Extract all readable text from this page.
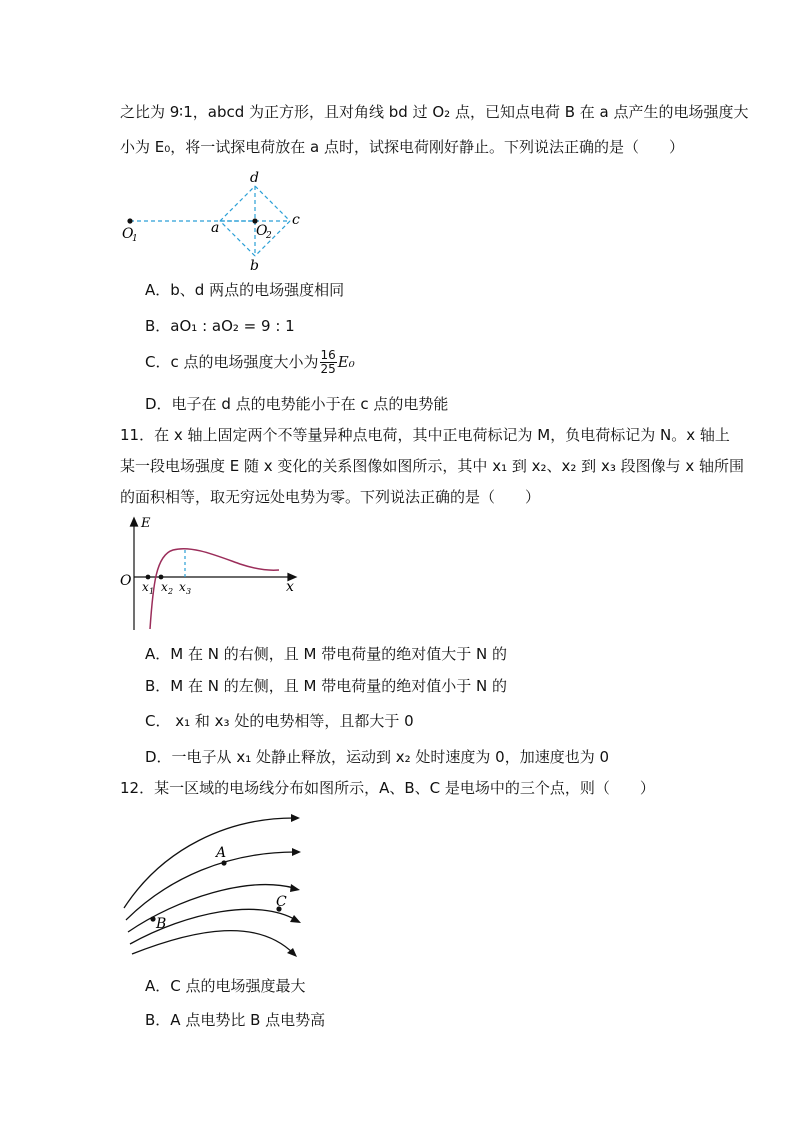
之比为 9∶1，abcd 为正方形，且对角线 bd 过 O₂ 点，已知点电荷 B 在 a 点产生的电场强度大
小为 E₀，将一试探电荷放在 a 点时，试探电荷刚好静止。下列说法正确的是（　　）
O
1
a	O
2
d
b
c
A．b、d 两点的电场强度相同
B．aO₁ : aO₂ = 9 : 1
C．c 点的电场强度大小为 $\frac{16}{25} E_0$
D．电子在 d 点的电势能小于在 c 点的电势能
11．在 x 轴上固定两个不等量异种点电荷，其中正电荷标记为 M，负电荷标记为 N。x 轴上
某一段电场强度 E 随 x 变化的关系图像如图所示，其中 x₁ 到 x₂、x₂ 到 x₃ 段图像与 x 轴所围
的面积相等，取无穷远处电势为零。下列说法正确的是（　　）
E
O	x
x 1 x 2 x 3
A．M 在 N 的右侧，且 M 带电荷量的绝对值大于 N 的
B．M 在 N 的左侧，且 M 带电荷量的绝对值小于 N 的
C． x₁ 和 x₃ 处的电势相等，且都大于 0
D．一电子从 x₁ 处静止释放，运动到 x₂ 处时速度为 0，加速度也为 0
12．某一区域的电场线分布如图所示，A、B、C 是电场中的三个点，则（　　）
A
B
C
A．C 点的电场强度最大
B．A 点电势比 B 点电势高
